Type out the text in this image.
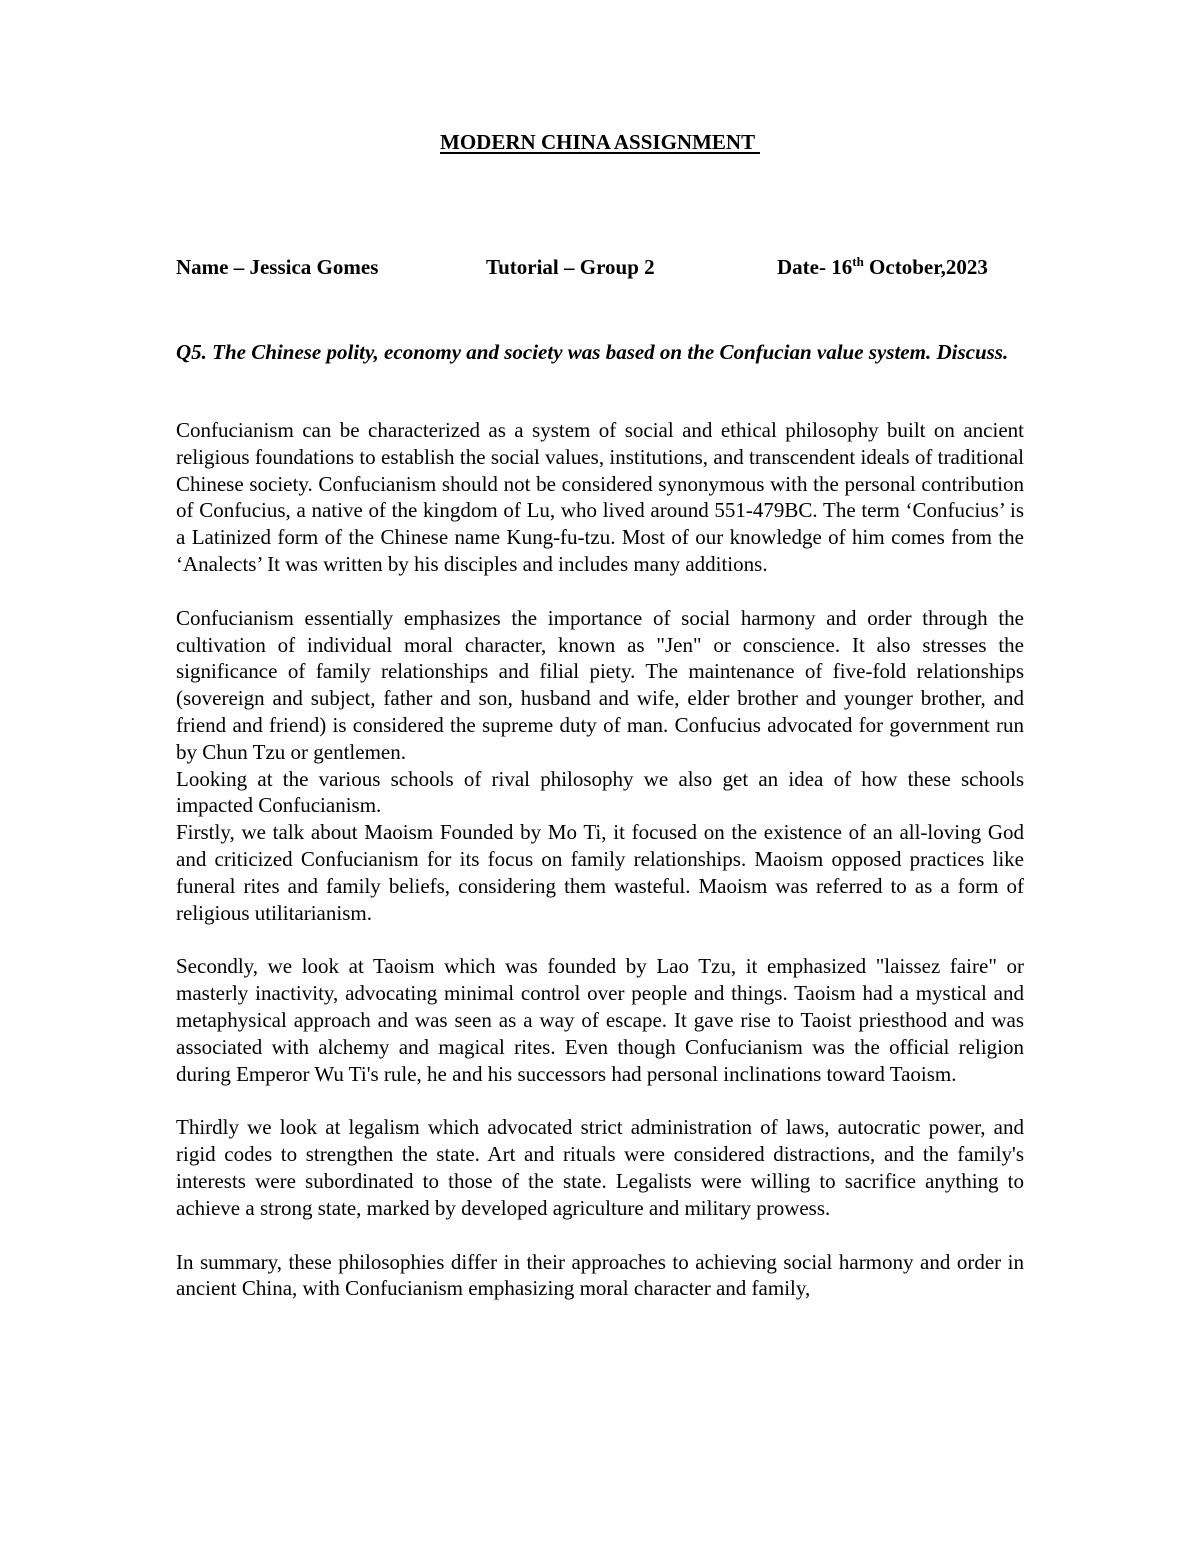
MODERN CHINA ASSIGNMENT
Name – Jessica Gomes	Tutorial – Group 2	Date- 16th October,2023

Q5. The Chinese polity, economy and society was based on the Confucian value system. Discuss.

Confucianism can be characterized as a system of social and ethical philosophy built on ancient religious foundations to establish the social values, institutions, and transcendent ideals of traditional Chinese society. Confucianism should not be considered synonymous with the personal contribution of Confucius, a native of the kingdom of Lu, who lived around 551-479BC. The term ‘Confucius’ is a Latinized form of the Chinese name Kung-fu-tzu. Most of our knowledge of him comes from the ‘Analects’ It was written by his disciples and includes many additions.

Confucianism essentially emphasizes the importance of social harmony and order through the cultivation of individual moral character, known as "Jen" or conscience. It also stresses the significance of family relationships and filial piety. The maintenance of five-fold relationships (sovereign and subject, father and son, husband and wife, elder brother and younger brother, and friend and friend) is considered the supreme duty of man. Confucius advocated for government run by Chun Tzu or gentlemen.

Looking at the various schools of rival philosophy we also get an idea of how these schools impacted Confucianism.

Firstly, we talk about Maoism Founded by Mo Ti, it focused on the existence of an all-loving God and criticized Confucianism for its focus on family relationships. Maoism opposed practices like funeral rites and family beliefs, considering them wasteful. Maoism was referred to as a form of religious utilitarianism.

Secondly, we look at Taoism which was founded by Lao Tzu, it emphasized "laissez faire" or masterly inactivity, advocating minimal control over people and things. Taoism had a mystical and metaphysical approach and was seen as a way of escape. It gave rise to Taoist priesthood and was associated with alchemy and magical rites. Even though Confucianism was the official religion during Emperor Wu Ti's rule, he and his successors had personal inclinations toward Taoism.

Thirdly we look at legalism which advocated strict administration of laws, autocratic power, and rigid codes to strengthen the state. Art and rituals were considered distractions, and the family's interests were subordinated to those of the state. Legalists were willing to sacrifice anything to achieve a strong state, marked by developed agriculture and military prowess.

In summary, these philosophies differ in their approaches to achieving social harmony and order in ancient China, with Confucianism emphasizing moral character and family,
